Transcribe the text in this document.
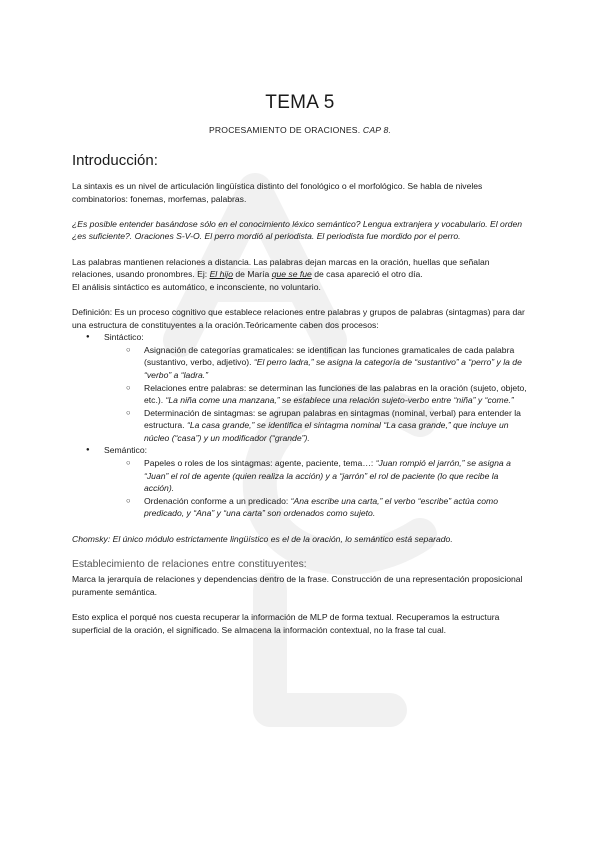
TEMA 5
PROCESAMIENTO DE ORACIONES. CAP 8.
Introducción:

La sintaxis es un nivel de articulación lingüística distinto del fonológico o el morfológico. Se habla de niveles combinatorios: fonemas, morfemas, palabras.

¿Es posible entender basándose sólo en el conocimiento léxico semántico? Lengua extranjera y vocabulario. El orden ¿es suficiente?. Oraciones S-V-O. El perro mordió al periodista. El periodista fue mordido por el perro.

Las palabras mantienen relaciones a distancia. Las palabras dejan marcas en la oración, huellas que señalan relaciones, usando pronombres. Ej: El hijo de María que se fue de casa apareció el otro día.

El análisis sintáctico es automático, e inconsciente, no voluntario.

Definición: Es un proceso cognitivo que establece relaciones entre palabras y grupos de palabras (sintagmas) para dar una estructura de constituyentes a la oración.Teóricamente caben dos procesos:

● Sintáctico:
○ Asignación de categorías gramaticales: se identifican las funciones gramaticales de cada palabra (sustantivo, verbo, adjetivo). “El perro ladra,” se asigna la categoría de “sustantivo” a “perro” y la de “verbo” a “ladra.”
○ Relaciones entre palabras: se determinan las funciones de las palabras en la oración (sujeto, objeto, etc.). “La niña come una manzana,” se establece una relación sujeto-verbo entre “niña” y “come.”
○ Determinación de sintagmas: se agrupan palabras en sintagmas (nominal, verbal) para entender la estructura. “La casa grande,” se identifica el sintagma nominal “La casa grande,” que incluye un núcleo (“casa”) y un modificador (“grande”).
● Semántico:
○ Papeles o roles de los sintagmas: agente, paciente, tema…: “Juan rompió el jarrón,” se asigna a “Juan” el rol de agente (quien realiza la acción) y a “jarrón” el rol de paciente (lo que recibe la acción).
○ Ordenación conforme a un predicado: “Ana escribe una carta,” el verbo “escribe” actúa como predicado, y “Ana” y “una carta” son ordenados como sujeto.

Chomsky: El único módulo estrictamente lingüístico es el de la oración, lo semántico está separado.

Establecimiento de relaciones entre constituyentes:

Marca la jerarquía de relaciones y dependencias dentro de la frase. Construcción de una representación proposicional puramente semántica.

Esto explica el porqué nos cuesta recuperar la información de MLP de forma textual. Recuperamos la estructura superficial de la oración, el significado. Se almacena la información contextual, no la frase tal cual.
